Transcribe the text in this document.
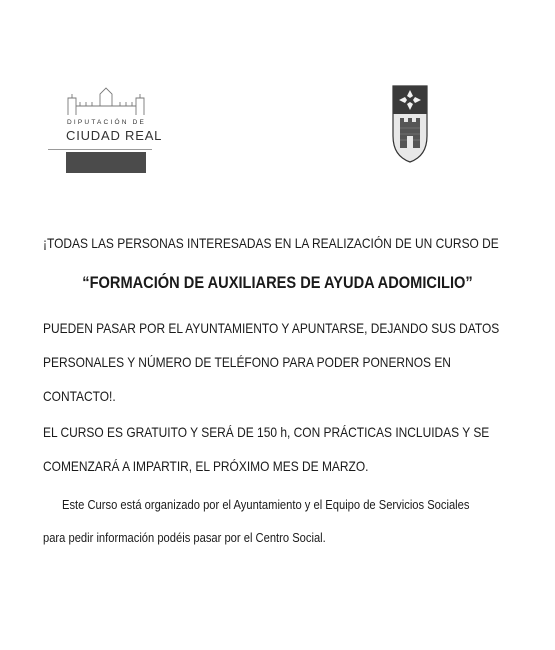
DIPUTACIÓN DE
CIUDAD REAL
¡TODAS LAS PERSONAS INTERESADAS EN LA REALIZACIÓN DE UN CURSO DE
“FORMACIÓN DE AUXILIARES DE AYUDA ADOMICILIO”
PUEDEN PASAR POR EL AYUNTAMIENTO Y APUNTARSE, DEJANDO SUS DATOS
PERSONALES Y NÚMERO DE TELÉFONO PARA PODER PONERNOS EN
CONTACTO!.
EL CURSO ES GRATUITO Y SERÁ DE 150 h, CON PRÁCTICAS INCLUIDAS Y SE
COMENZARÁ A IMPARTIR, EL PRÓXIMO MES DE MARZO.
Este Curso está organizado por el Ayuntamiento y el Equipo de Servicios Sociales
para pedir información podéis pasar por el Centro Social.
